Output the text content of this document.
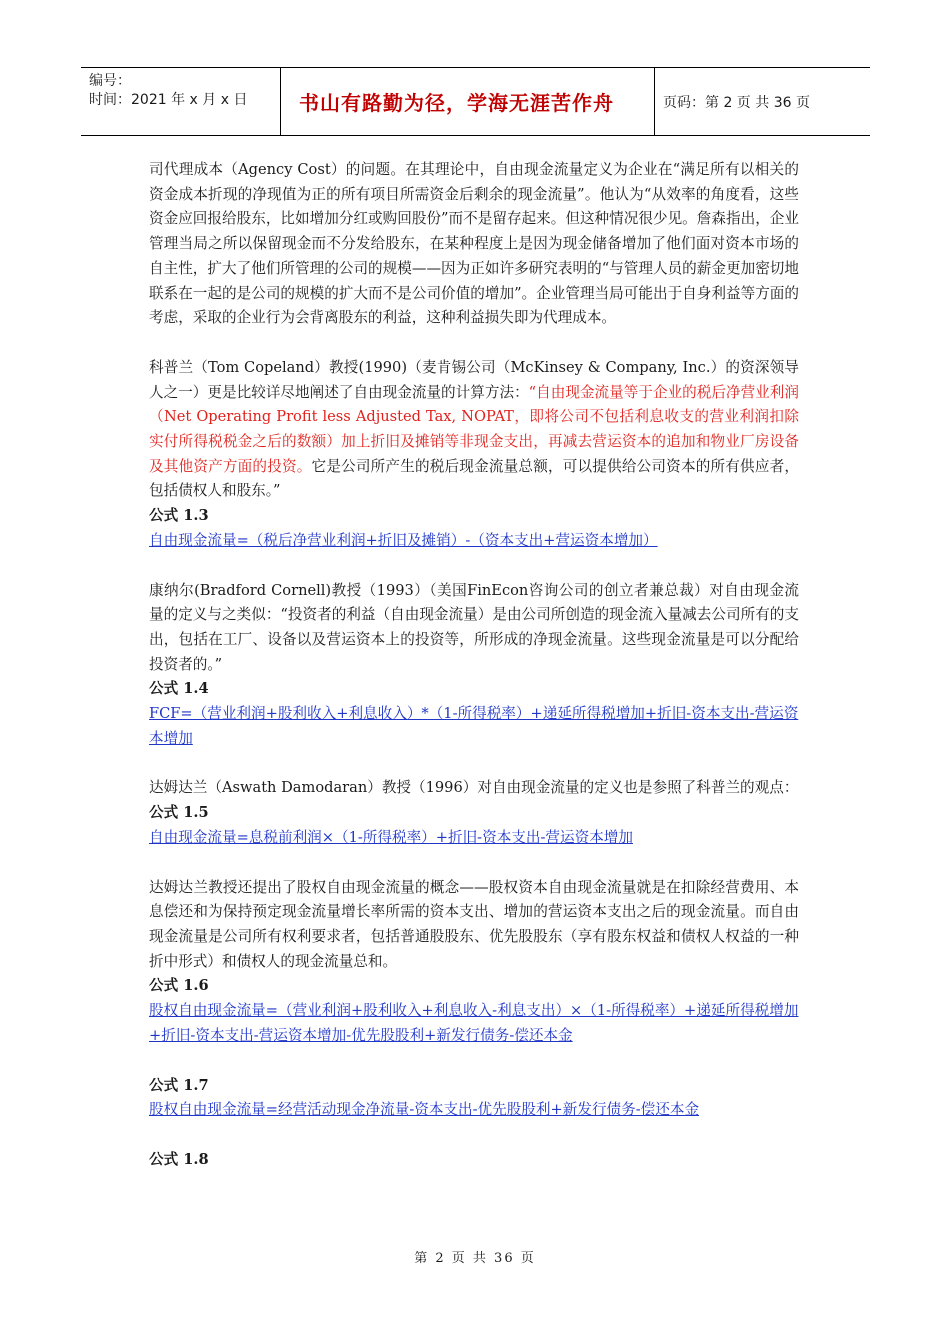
编号：
时间：2021 年 x 月 x 日	书山有路勤为径，学海无涯苦作舟	页码：第 2 页 共 36 页

司代理成本（Agency Cost）的问题。在其理论中，自由现金流量定义为企业在“满足所有以相关的资金成本折现的净现值为正的所有项目所需资金后剩余的现金流量”。他认为“从效率的角度看，这些资金应回报给股东，比如增加分红或购回股份”而不是留存起来。但这种情况很少见。詹森指出，企业管理当局之所以保留现金而不分发给股东，在某种程度上是因为现金储备增加了他们面对资本市场的自主性，扩大了他们所管理的公司的规模——因为正如许多研究表明的“与管理人员的薪金更加密切地联系在一起的是公司的规模的扩大而不是公司价值的增加”。企业管理当局可能出于自身利益等方面的考虑，采取的企业行为会背离股东的利益，这种利益损失即为代理成本。

科普兰（Tom Copeland）教授(1990)（麦肯锡公司（McKinsey & Company, Inc.）的资深领导人之一）更是比较详尽地阐述了自由现金流量的计算方法：“自由现金流量等于企业的税后净营业利润（Net Operating Profit less Adjusted Tax, NOPAT，即将公司不包括利息收支的营业利润扣除实付所得税税金之后的数额）加上折旧及摊销等非现金支出，再减去营运资本的追加和物业厂房设备及其他资产方面的投资。它是公司所产生的税后现金流量总额，可以提供给公司资本的所有供应者，包括债权人和股东。”

公式 1.3

自由现金流量=（税后净营业利润+折旧及摊销）-（资本支出+营运资本增加）

康纳尔(Bradford Cornell)教授（1993）（美国FinEcon咨询公司的创立者兼总裁）对自由现金流量的定义与之类似：“投资者的利益（自由现金流量）是由公司所创造的现金流入量减去公司所有的支出，包括在工厂、设备以及营运资本上的投资等，所形成的净现金流量。这些现金流量是可以分配给投资者的。”

公式 1.4

FCF=（营业利润+股利收入+利息收入）*（1-所得税率）+递延所得税增加+折旧-资本支出-营运资本增加

达姆达兰（Aswath Damodaran）教授（1996）对自由现金流量的定义也是参照了科普兰的观点：

公式 1.5

自由现金流量=息税前利润×（1-所得税率）+折旧-资本支出-营运资本增加

达姆达兰教授还提出了股权自由现金流量的概念——股权资本自由现金流量就是在扣除经营费用、本息偿还和为保持预定现金流量增长率所需的资本支出、增加的营运资本支出之后的现金流量。而自由现金流量是公司所有权利要求者，包括普通股股东、优先股股东（享有股东权益和债权人权益的一种折中形式）和债权人的现金流量总和。

公式 1.6

股权自由现金流量=（营业利润+股利收入+利息收入-利息支出）×（1-所得税率）+递延所得税增加+折旧-资本支出-营运资本增加-优先股股利+新发行债务-偿还本金

公式 1.7

股权自由现金流量=经营活动现金净流量-资本支出-优先股股利+新发行债务-偿还本金

公式 1.8

第 2 页 共 36 页
